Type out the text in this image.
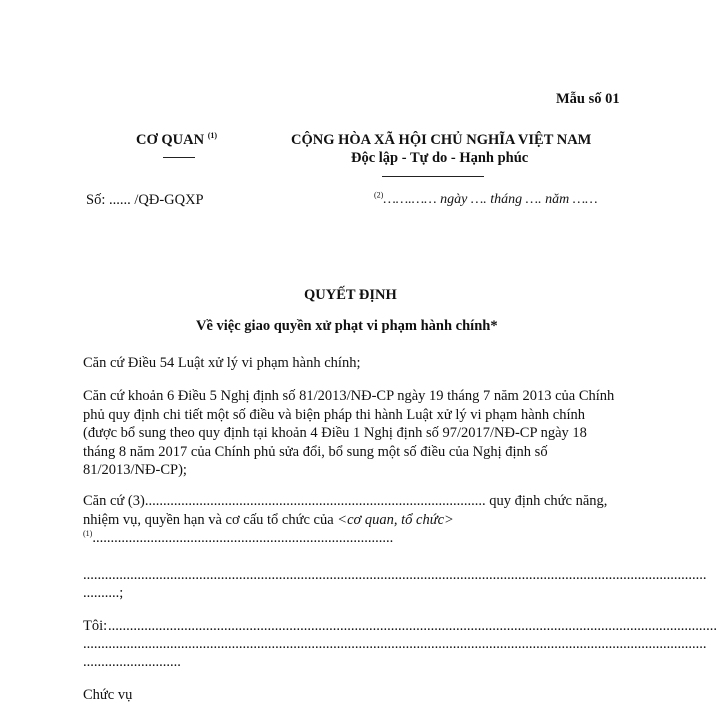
Mẫu số 01
CƠ QUAN $^{(1)}$
Số: ...... /QĐ-GQXP
CỘNG HÒA XÃ HỘI CHỦ NGHĨA VIỆT NAM
Độc lập - Tự do - Hạnh phúc
$^{(2)}$…….…… ngày …. tháng …. năm ……
QUYẾT ĐỊNH
Về việc giao quyền xử phạt vi phạm hành chính*
Căn cứ Điều 54 Luật xử lý vi phạm hành chính;
Căn cứ khoản 6 Điều 5 Nghị định số 81/2013/NĐ-CP ngày 19 tháng 7 năm 2013 của Chính phủ quy định chi tiết một số điều và biện pháp thi hành Luật xử lý vi phạm hành chính (được bổ sung theo quy định tại khoản 4 Điều 1 Nghị định số 97/2017/NĐ-CP ngày 18 tháng 8 năm 2017 của Chính phủ sửa đổi, bổ sung một số điều của Nghị định số 81/2013/NĐ-CP);
Căn cứ (3).............................................................................................. quy định chức năng,
nhiệm vụ, quyền hạn và cơ cấu tổ chức của <cơ quan, tổ chức>
$^{(1)}$...................................................................................
............................................................................................................................................................................
..........;
Tôi: ........................................................................................................................................................................
............................................................................................................................................................................
...........................
Chức vụ
